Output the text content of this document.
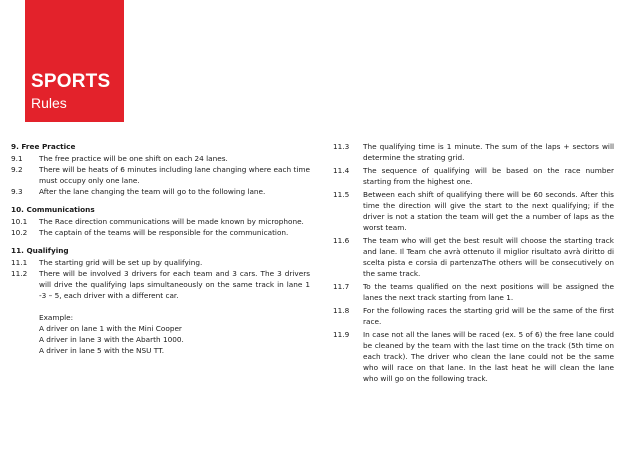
SPORTS
Rules
9. Free Practice
9.1	The free practice will be one shift on each 24 lanes.
9.2	There will be heats of 6 minutes including lane changing where each time must occupy only one lane.
9.3	After the lane changing the team will go to the following lane.
10. Communications
10.1	The Race direction communications will be made known by microphone.
10.2	The captain of the teams will be responsible for the communication.
11. Qualifying
11.1	The starting grid will be set up by qualifying.
11.2	There will be involved 3 drivers for each team and 3 cars. The 3 drivers will drive the qualifying laps simultaneously on the same track in lane 1 -3 – 5, each driver with a different car.
Example:
A driver on lane 1 with the Mini Cooper
A driver in lane 3 with the Abarth 1000.
A driver in lane 5 with the NSU TT.
11.3	The qualifying time is 1 minute. The sum of the laps + sectors will determine the strating grid.
11.4	The sequence of qualifying will be based on the race number starting from the highest one.
11.5	Between each shift of qualifying there will be 60 seconds. After this time the direction will give the start to the next qualifying; if the driver is not a station the team will get the a number of laps as the worst team.
11.6	The team who will get the best result will choose the starting track and lane. Il Team che avrà ottenuto il miglior risultato avrà diritto di scelta pista e corsia di partenzaThe others will be consecutively on the same track.
11.7	To the teams qualified on the next positions will be assigned the lanes the next track starting from lane 1.
11.8	For the following races the starting grid will be the same of the first race.
11.9	In case not all the lanes will be raced (ex. 5 of 6) the free lane could be cleaned by the team with the last time on the track (5th time on each track). The driver who clean the lane could not be the same who will race on that lane. In the last heat he will clean the lane who will go on the following track.
